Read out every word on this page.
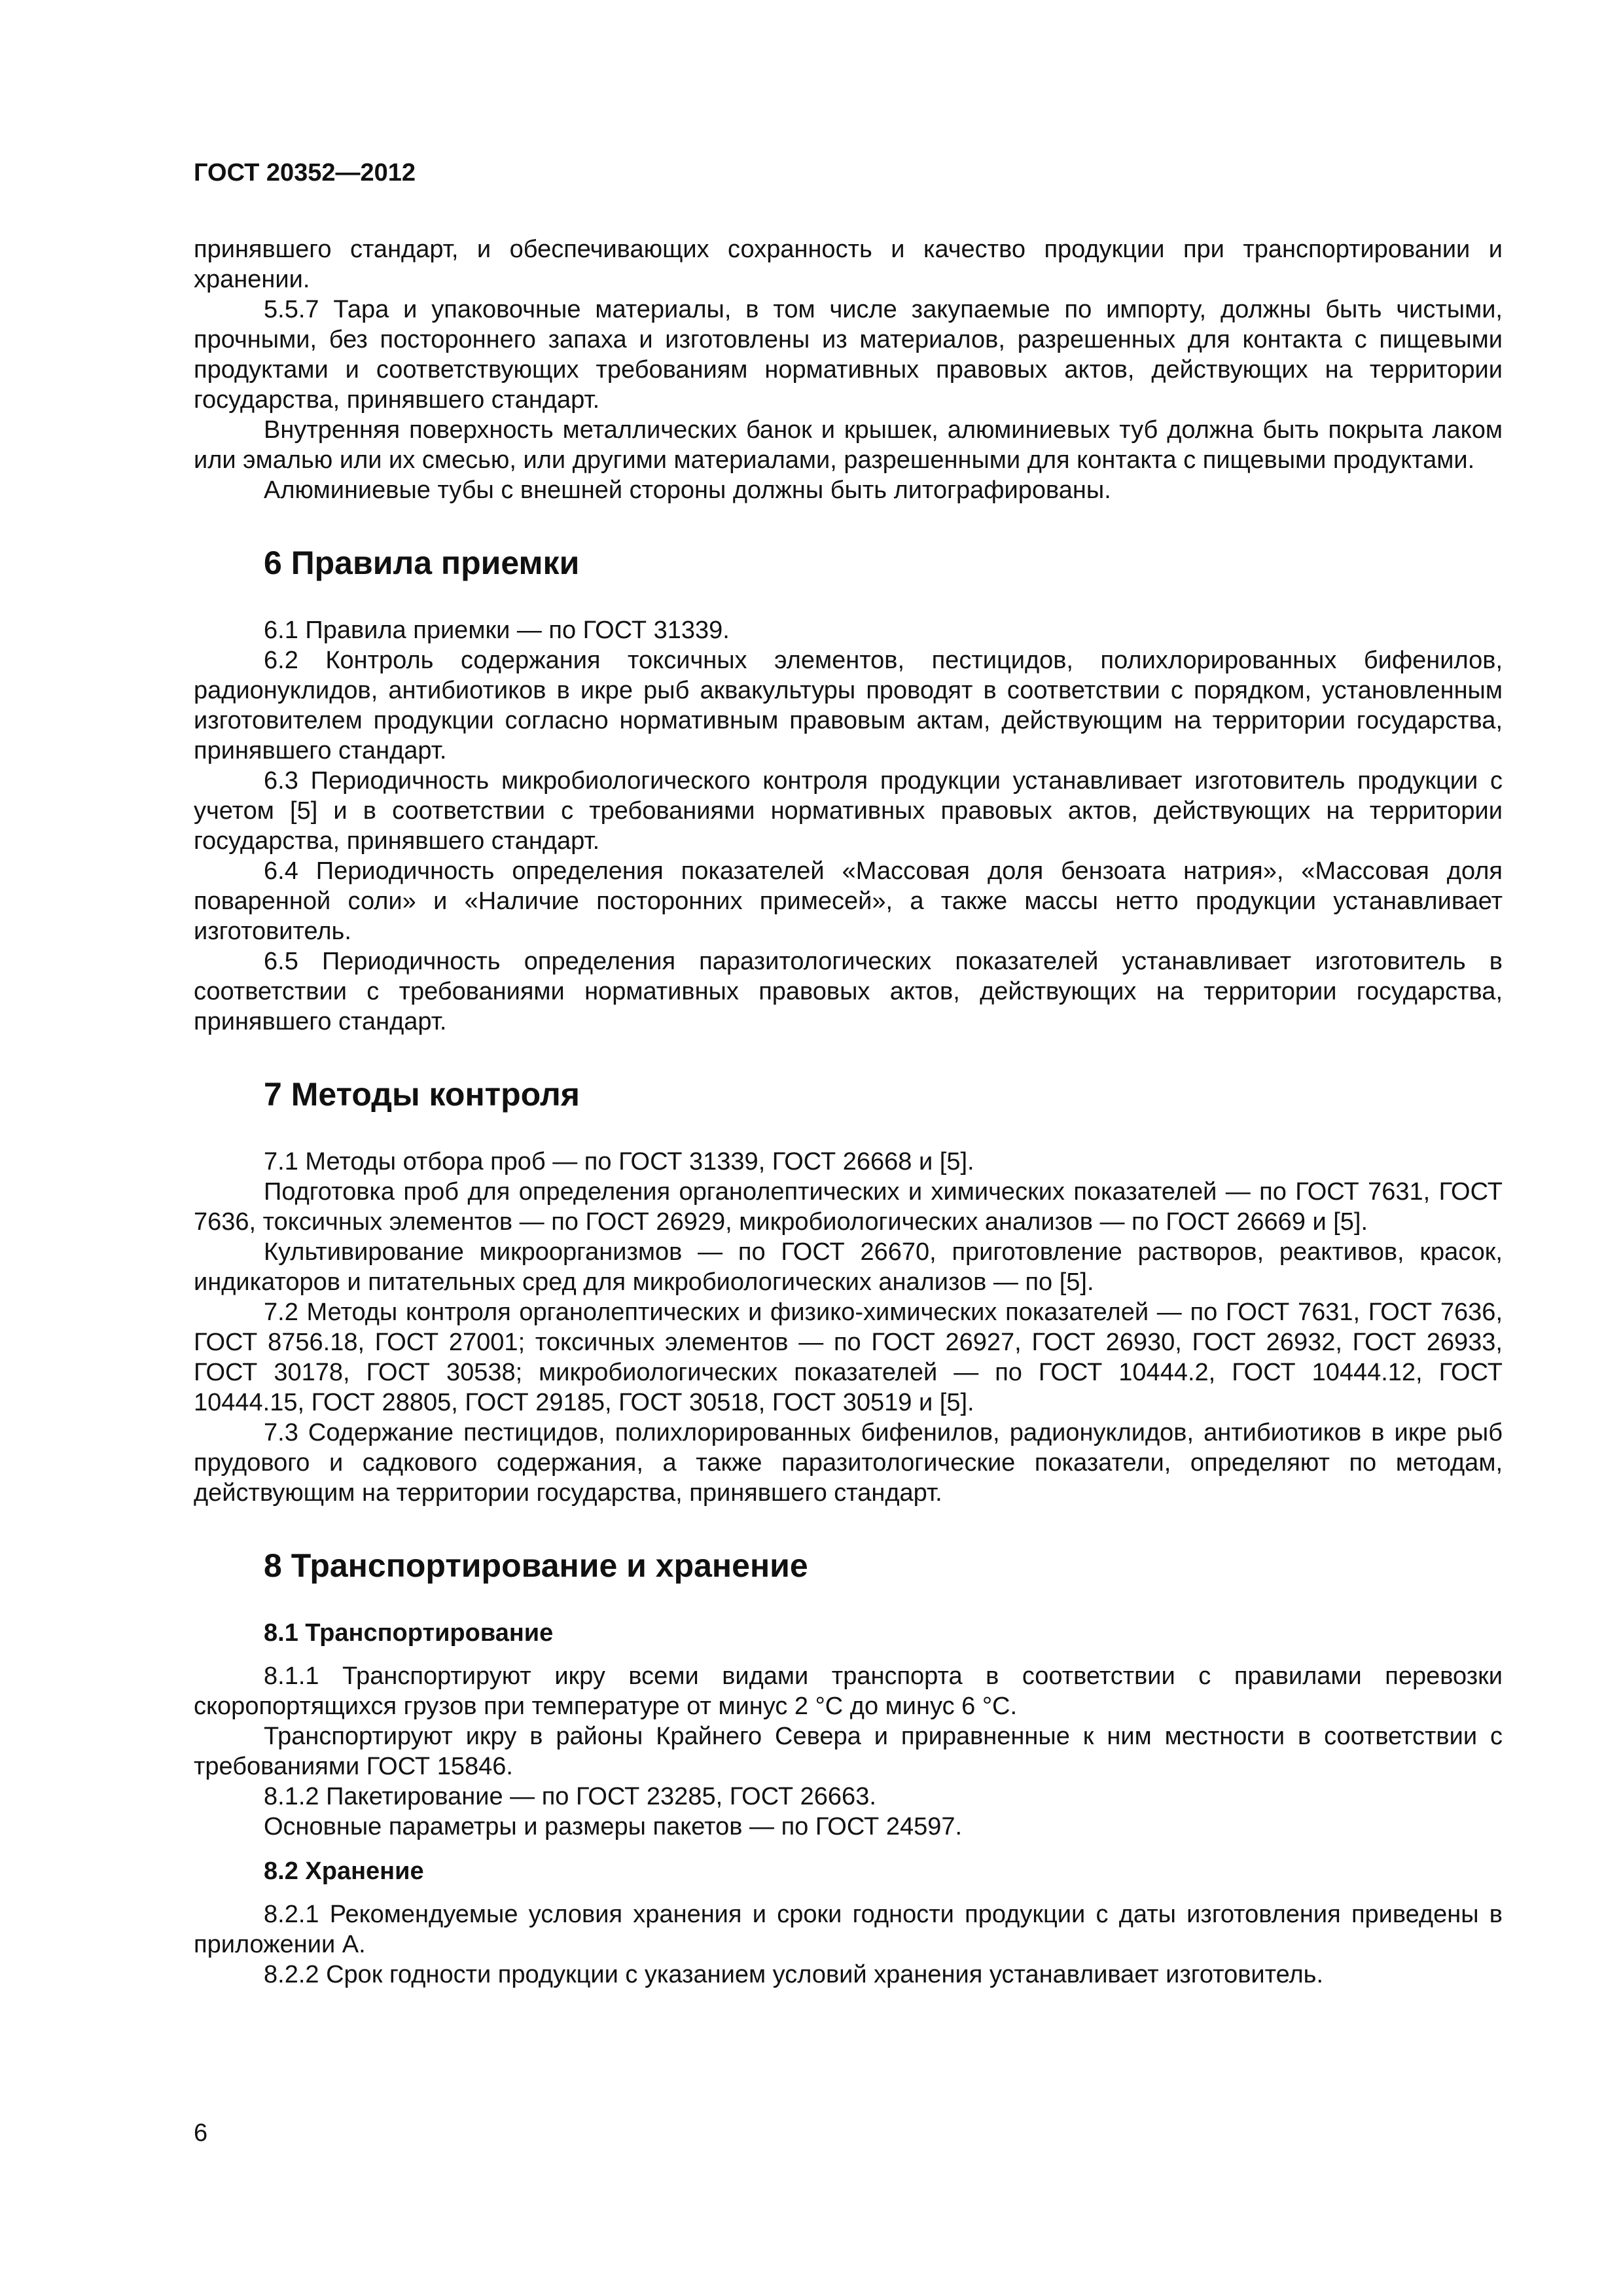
ГОСТ 20352—2012

принявшего стандарт, и обеспечивающих сохранность и качество продукции при транспортировании и хранении.

5.5.7 Тара и упаковочные материалы, в том числе закупаемые по импорту, должны быть чистыми, прочными, без постороннего запаха и изготовлены из материалов, разрешенных для контакта с пищевыми продуктами и соответствующих требованиям нормативных правовых актов, действующих на территории государства, принявшего стандарт.

Внутренняя поверхность металлических банок и крышек, алюминиевых туб должна быть покрыта лаком или эмалью или их смесью, или другими материалами, разрешенными для контакта с пищевыми продуктами.

Алюминиевые тубы с внешней стороны должны быть литографированы.

6 Правила приемки

6.1 Правила приемки — по ГОСТ 31339.

6.2 Контроль содержания токсичных элементов, пестицидов, полихлорированных бифенилов, радионуклидов, антибиотиков в икре рыб аквакультуры проводят в соответствии с порядком, установленным изготовителем продукции согласно нормативным правовым актам, действующим на территории государства, принявшего стандарт.

6.3 Периодичность микробиологического контроля продукции устанавливает изготовитель продукции с учетом [5] и в соответствии с требованиями нормативных правовых актов, действующих на территории государства, принявшего стандарт.

6.4 Периодичность определения показателей «Массовая доля бензоата натрия», «Массовая доля поваренной соли» и «Наличие посторонних примесей», а также массы нетто продукции устанавливает изготовитель.

6.5 Периодичность определения паразитологических показателей устанавливает изготовитель в соответствии с требованиями нормативных правовых актов, действующих на территории государства, принявшего стандарт.

7 Методы контроля

7.1 Методы отбора проб — по ГОСТ 31339, ГОСТ 26668 и [5].

Подготовка проб для определения органолептических и химических показателей — по ГОСТ 7631, ГОСТ 7636, токсичных элементов — по ГОСТ 26929, микробиологических анализов — по ГОСТ 26669 и [5].

Культивирование микроорганизмов — по ГОСТ 26670, приготовление растворов, реактивов, красок, индикаторов и питательных сред для микробиологических анализов — по [5].

7.2 Методы контроля органолептических и физико-химических показателей — по ГОСТ 7631, ГОСТ 7636, ГОСТ 8756.18, ГОСТ 27001; токсичных элементов — по ГОСТ 26927, ГОСТ 26930, ГОСТ 26932, ГОСТ 26933, ГОСТ 30178, ГОСТ 30538; микробиологических показателей — по ГОСТ 10444.2, ГОСТ 10444.12, ГОСТ 10444.15, ГОСТ 28805, ГОСТ 29185, ГОСТ 30518, ГОСТ 30519 и [5].

7.3 Содержание пестицидов, полихлорированных бифенилов, радионуклидов, антибиотиков в икре рыб прудового и садкового содержания, а также паразитологические показатели, определяют по методам, действующим на территории государства, принявшего стандарт.

8 Транспортирование и хранение
8.1 Транспортирование

8.1.1 Транспортируют икру всеми видами транспорта в соответствии с правилами перевозки скоропортящихся грузов при температуре от минус 2 °С до минус 6 °С.

Транспортируют икру в районы Крайнего Севера и приравненные к ним местности в соответствии с требованиями ГОСТ 15846.

8.1.2 Пакетирование — по ГОСТ 23285, ГОСТ 26663.

Основные параметры и размеры пакетов — по ГОСТ 24597.

8.2 Хранение

8.2.1 Рекомендуемые условия хранения и сроки годности продукции с даты изготовления приведены в приложении А.

8.2.2 Срок годности продукции с указанием условий хранения устанавливает изготовитель.

6
